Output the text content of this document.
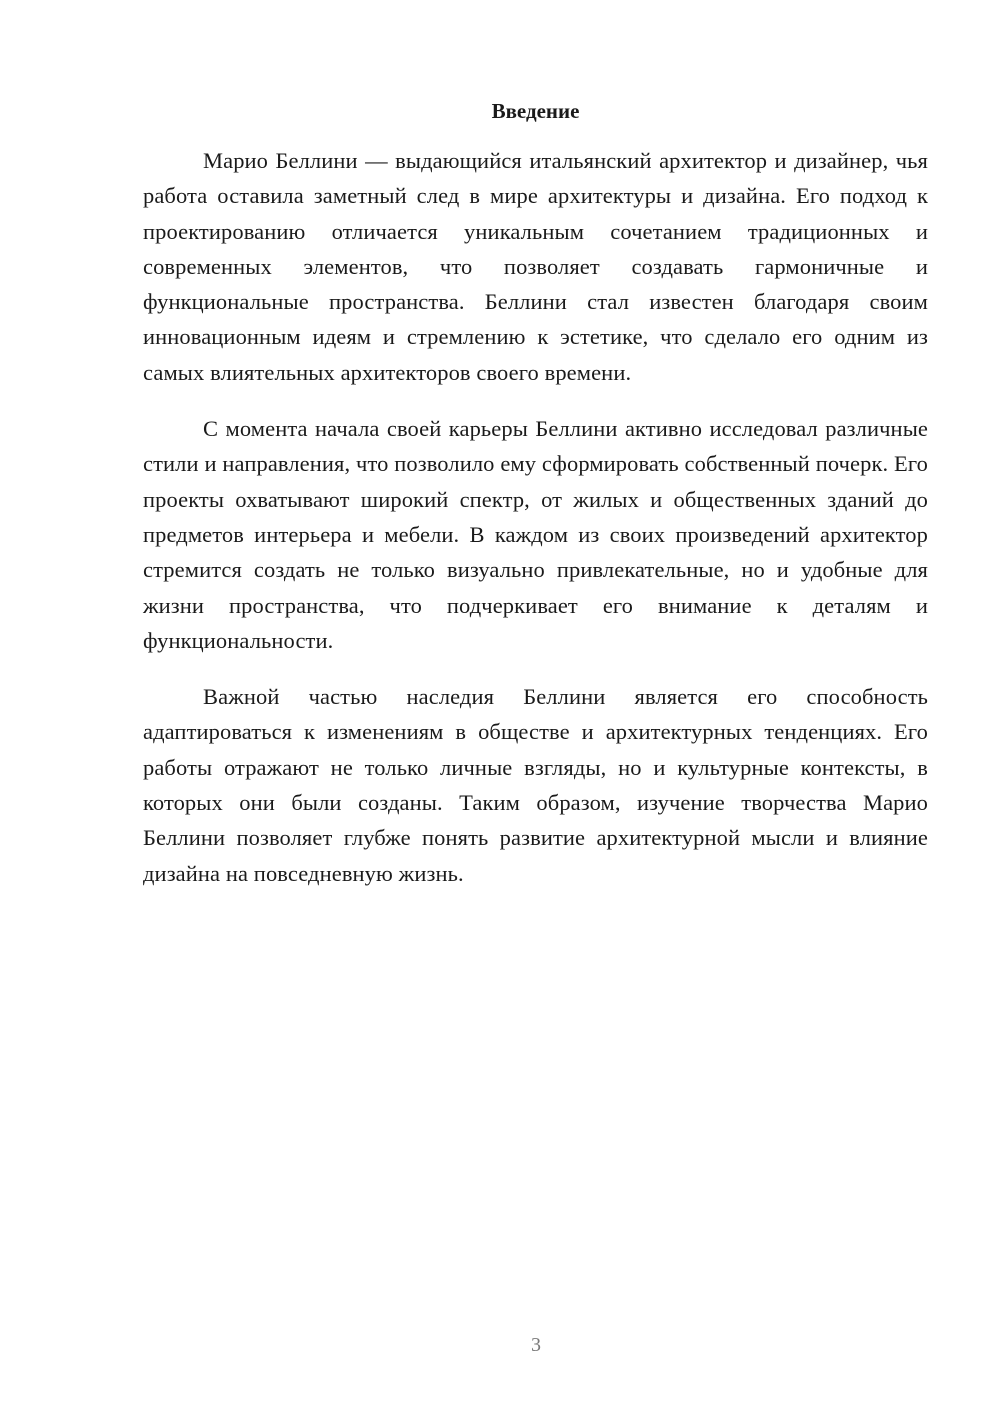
Введение

Марио Беллини — выдающийся итальянский архитектор и дизайнер, чья работа оставила заметный след в мире архитектуры и дизайна. Его подход к проектированию отличается уникальным сочетанием традиционных и современных элементов, что позволяет создавать гармоничные и функциональные пространства. Беллини стал известен благодаря своим инновационным идеям и стремлению к эстетике, что сделало его одним из самых влиятельных архитекторов своего времени.

С момента начала своей карьеры Беллини активно исследовал различные стили и направления, что позволило ему сформировать собственный почерк. Его проекты охватывают широкий спектр, от жилых и общественных зданий до предметов интерьера и мебели. В каждом из своих произведений архитектор стремится создать не только визуально привлекательные, но и удобные для жизни пространства, что подчеркивает его внимание к деталям и функциональности.

Важной частью наследия Беллини является его способность адаптироваться к изменениям в обществе и архитектурных тенденциях. Его работы отражают не только личные взгляды, но и культурные контексты, в которых они были созданы. Таким образом, изучение творчества Марио Беллини позволяет глубже понять развитие архитектурной мысли и влияние дизайна на повседневную жизнь.

3
